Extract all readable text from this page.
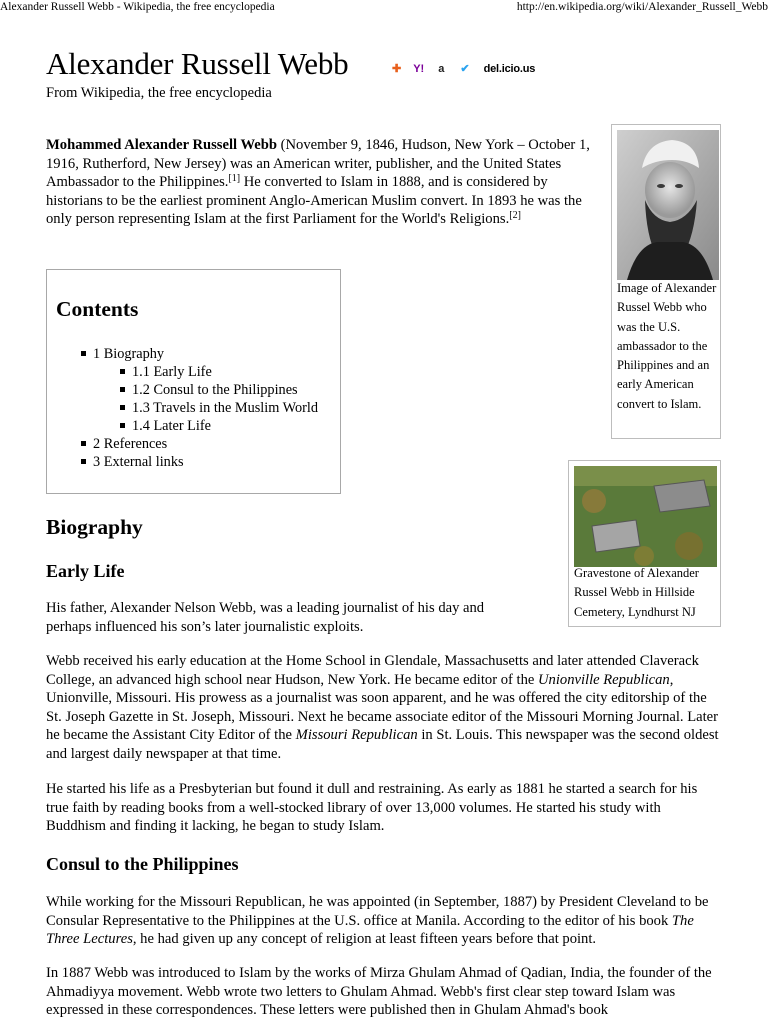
Alexander Russell Webb - Wikipedia, the free encyclopedia	http://en.wikipedia.org/wiki/Alexander_Russell_Webb
Alexander Russell Webb	✚ Y! a ✔ del.icio.us

From Wikipedia, the free encyclopedia

Mohammed Alexander Russell Webb (November 9, 1846, Hudson, New York – October 1, 1916, Rutherford, New Jersey) was an American writer, publisher, and the United States Ambassador to the Philippines.[1] He converted to Islam in 1888, and is considered by historians to be the earliest prominent Anglo-American Muslim convert. In 1893 he was the only person representing Islam at the first Parliament for the World's Religions.[2]

Image of Alexander Russel Webb who was the U.S. ambassador to the Philippines and an early American convert to Islam.

Gravestone of Alexander Russel Webb in Hillside Cemetery, Lyndhurst NJ

Contents
1 Biography
1.1 Early Life
1.2 Consul to the Philippines
1.3 Travels in the Muslim World
1.4 Later Life
2 References
3 External links
Biography
Early Life

His father, Alexander Nelson Webb, was a leading journalist of his day and perhaps influenced his son’s later journalistic exploits.

Webb received his early education at the Home School in Glendale, Massachusetts and later attended Claverack College, an advanced high school near Hudson, New York. He became editor of the Unionville Republican, Unionville, Missouri. His prowess as a journalist was soon apparent, and he was offered the city editorship of the St. Joseph Gazette in St. Joseph, Missouri. Next he became associate editor of the Missouri Morning Journal. Later he became the Assistant City Editor of the Missouri Republican in St. Louis. This newspaper was the second oldest and largest daily newspaper at that time.

He started his life as a Presbyterian but found it dull and restraining. As early as 1881 he started a search for his true faith by reading books from a well-stocked library of over 13,000 volumes. He started his study with Buddhism and finding it lacking, he began to study Islam.

Consul to the Philippines

While working for the Missouri Republican, he was appointed (in September, 1887) by President Cleveland to be Consular Representative to the Philippines at the U.S. office at Manila. According to the editor of his book The Three Lectures, he had given up any concept of religion at least fifteen years before that point.

In 1887 Webb was introduced to Islam by the works of Mirza Ghulam Ahmad of Qadian, India, the founder of the Ahmadiyya movement. Webb wrote two letters to Ghulam Ahmad. Webb's first clear step toward Islam was expressed in these correspondences. These letters were published then in Ghulam Ahmad's book
